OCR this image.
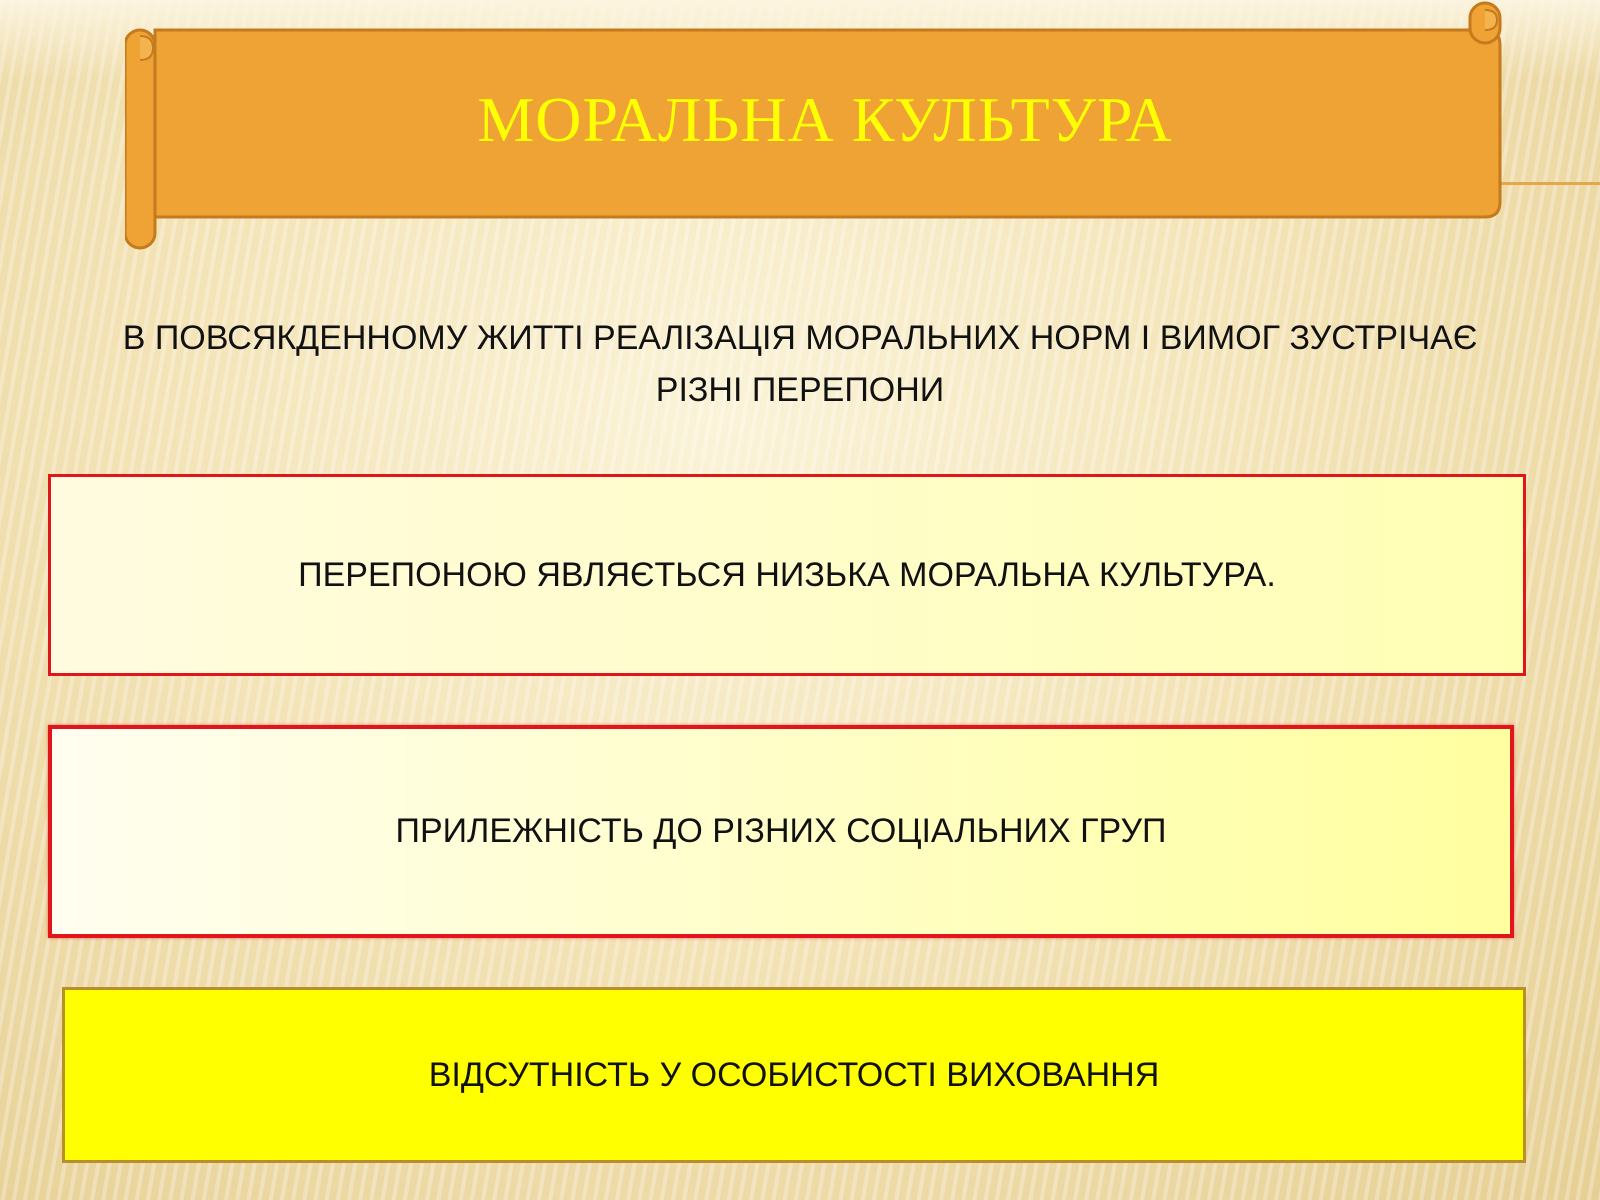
МОРАЛЬНА КУЛЬТУРА
В ПОВСЯКДЕННОМУ ЖИТТІ РЕАЛІЗАЦІЯ МОРАЛЬНИХ НОРМ І ВИМОГ ЗУСТРІЧАЄ РІЗНІ ПЕРЕПОНИ
ПЕРЕПОНОЮ ЯВЛЯЄТЬСЯ НИЗЬКА МОРАЛЬНА КУЛЬТУРА.
ПРИЛЕЖНІСТЬ ДО РІЗНИХ СОЦІАЛЬНИХ ГРУП
ВІДСУТНІСТЬ У ОСОБИСТОСТІ ВИХОВАННЯ
